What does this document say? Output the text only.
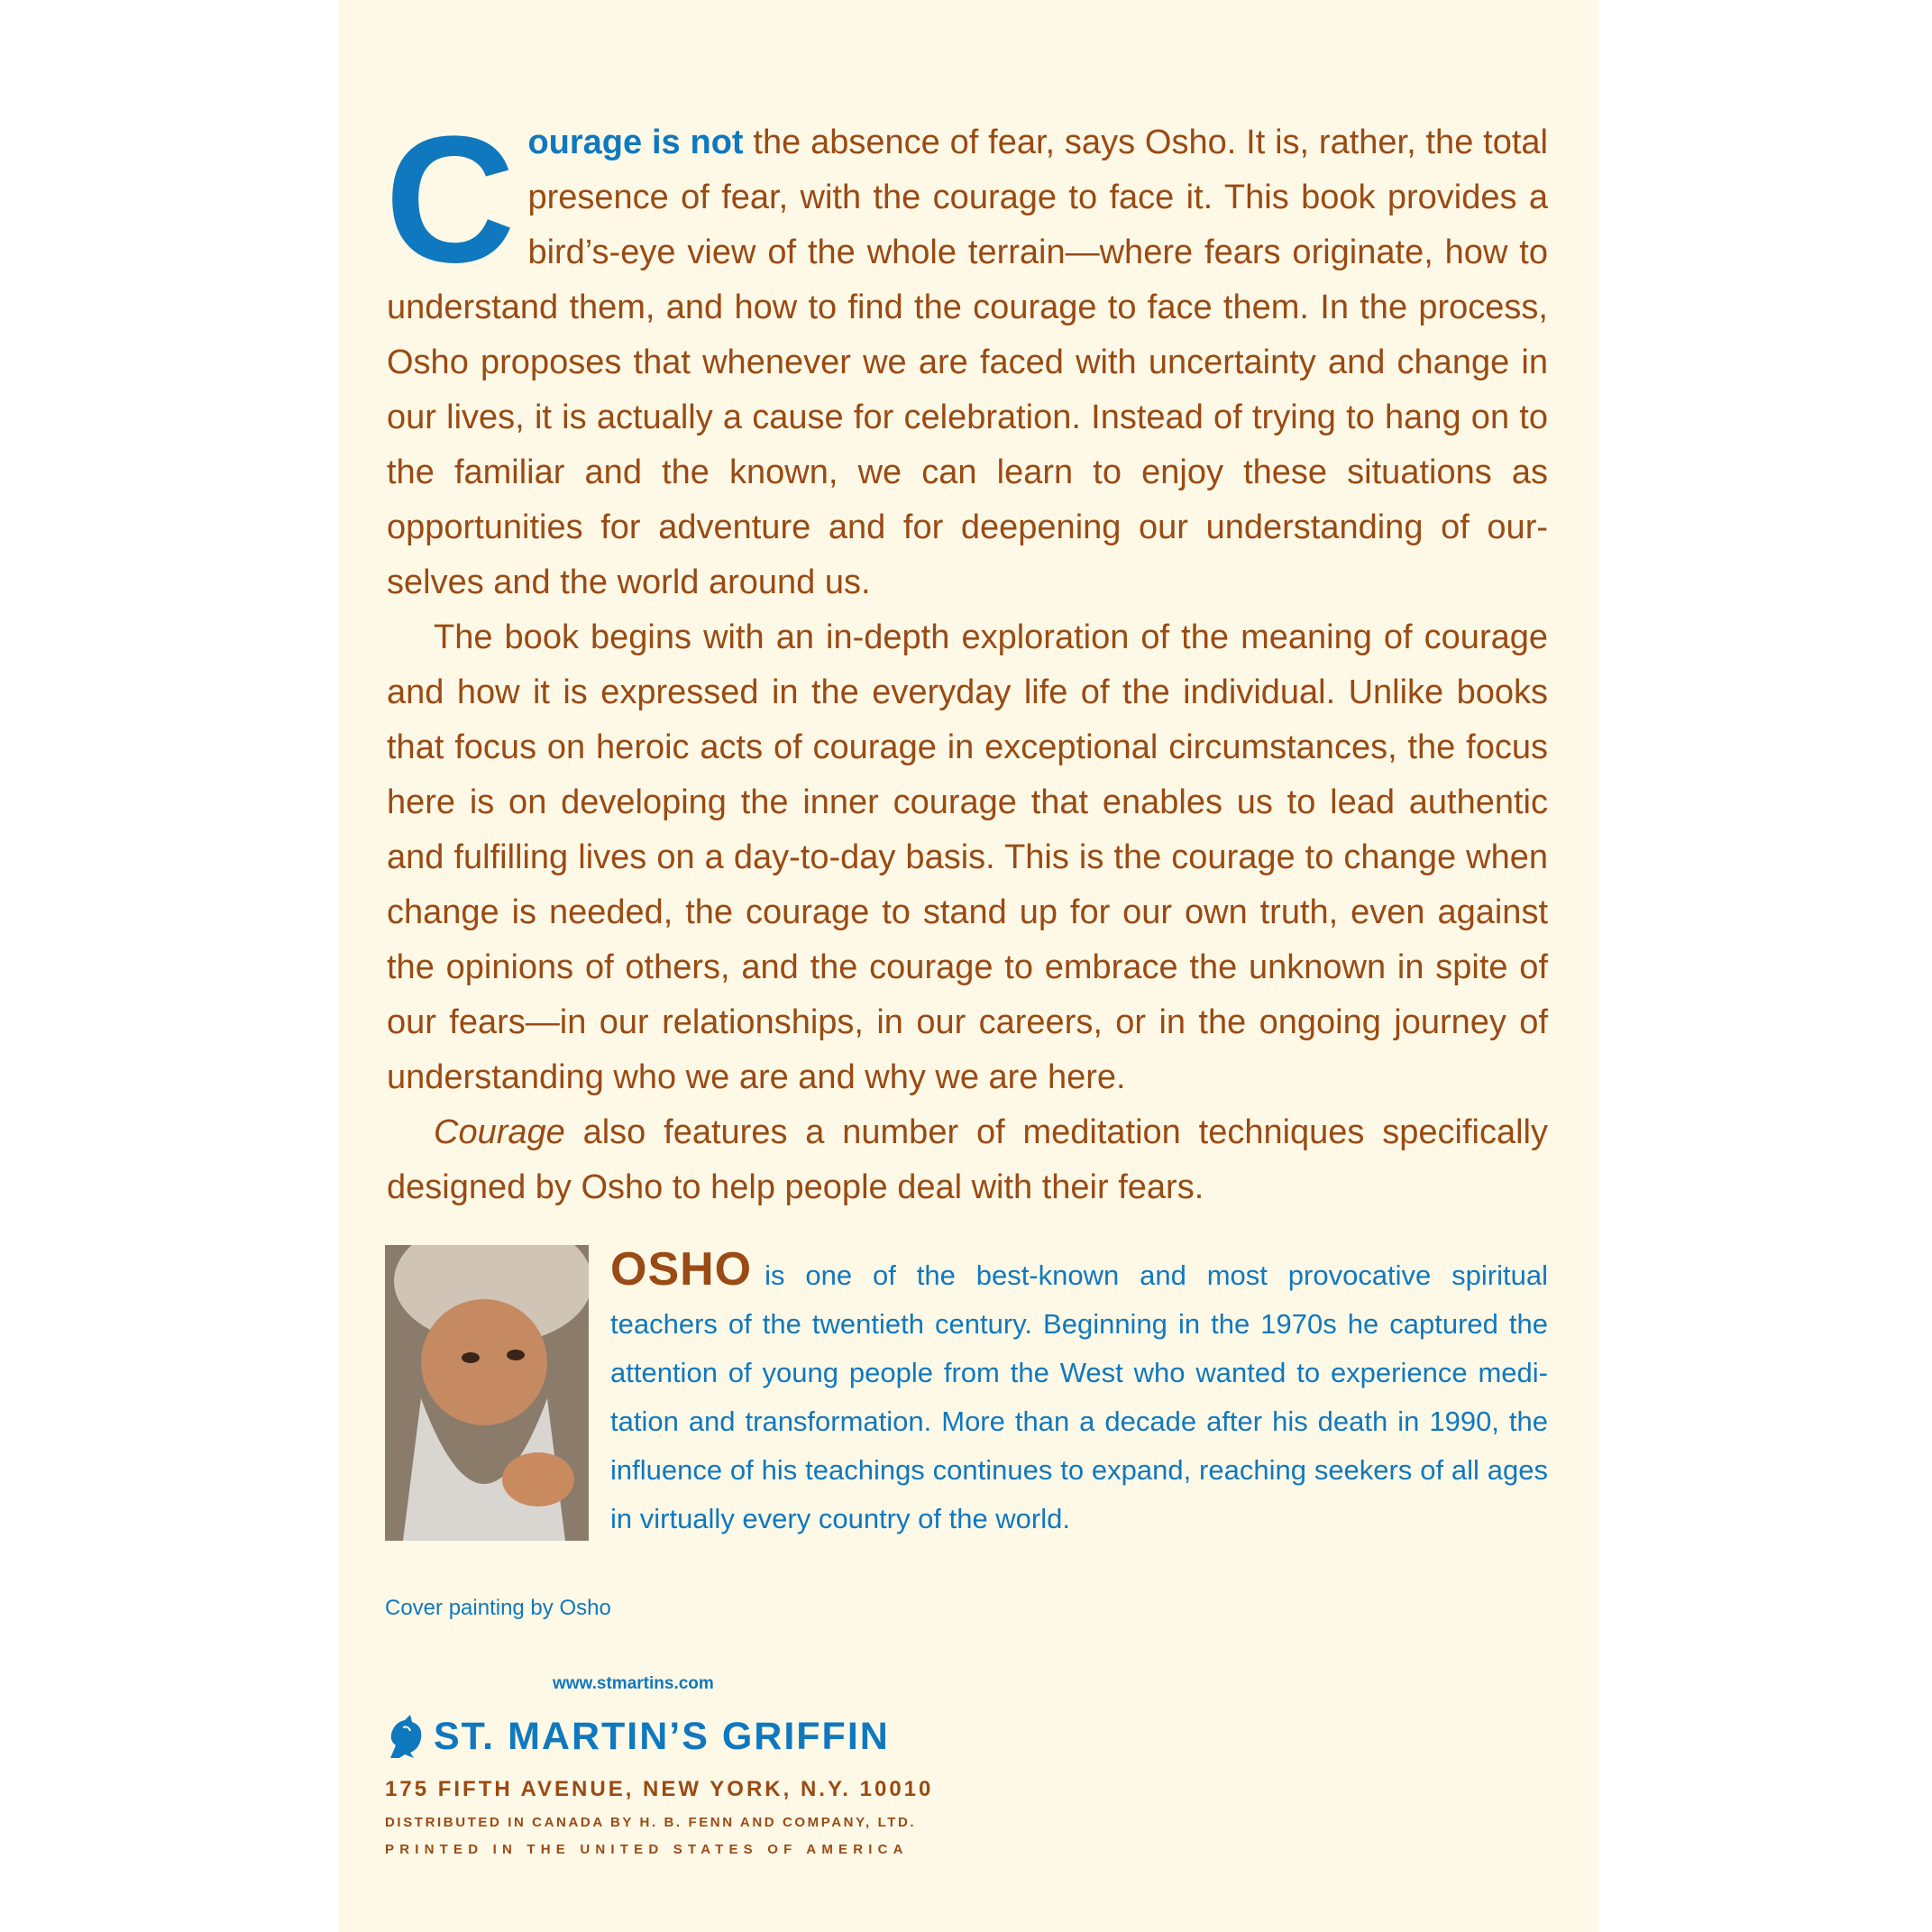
Courage is not the absence of fear, says Osho. It is, rather, the total presence of fear, with the courage to face it. This book provides a bird’s-eye view of the whole terrain—where fears originate, how to understand them, and how to find the courage to face them. In the process, Osho proposes that whenever we are faced with uncertainty and change in our lives, it is actually a cause for celebration. Instead of trying to hang on to the familiar and the known, we can learn to enjoy these situations as opportunities for adventure and for deepening our understanding of ourselves and the world around us.

The book begins with an in-depth exploration of the meaning of courage and how it is expressed in the everyday life of the individual. Unlike books that focus on heroic acts of courage in exceptional circumstances, the focus here is on developing the inner courage that enables us to lead authentic and fulfilling lives on a day-to-day basis. This is the courage to change when change is needed, the courage to stand up for our own truth, even against the opinions of others, and the courage to embrace the unknown in spite of our fears—in our relationships, in our careers, or in the ongoing journey of understanding who we are and why we are here.

Courage also features a number of meditation techniques specifically designed by Osho to help people deal with their fears.

OSHO is one of the best-known and most provocative spiritual teachers of the twentieth century. Beginning in the 1970s he captured the attention of young people from the West who wanted to experience meditation and transformation. More than a decade after his death in 1990, the influence of his teachings continues to expand, reaching seekers of all ages in virtually every country of the world.
Cover painting by Osho
www.stmartins.com
ST. MARTIN’S GRIFFIN
175 FIFTH AVENUE, NEW YORK, N.Y. 10010
DISTRIBUTED IN CANADA BY H. B. FENN AND COMPANY, LTD.
PRINTED IN THE UNITED STATES OF AMERICA
